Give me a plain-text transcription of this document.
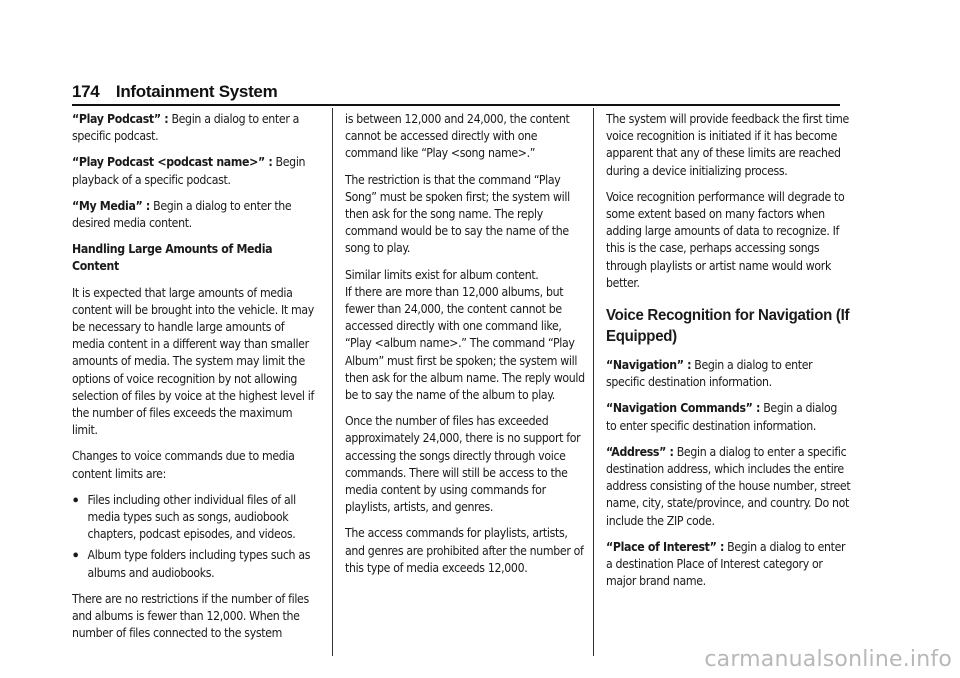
174 Infotainment System

“Play Podcast” : Begin a dialog to enter a specific podcast.

“Play Podcast <podcast name>” : Begin playback of a specific podcast.

“My Media” : Begin a dialog to enter the desired media content.

Handling Large Amounts of Media Content

It is expected that large amounts of media content will be brought into the vehicle. It may be necessary to handle large amounts of media content in a different way than smaller amounts of media. The system may limit the options of voice recognition by not allowing selection of files by voice at the highest level if the number of files exceeds the maximum limit.

Changes to voice commands due to media content limits are:

⦁ Files including other individual files of all media types such as songs, audiobook chapters, podcast episodes, and videos.
⦁ Album type folders including types such as albums and audiobooks.

There are no restrictions if the number of files and albums is fewer than 12,000. When the number of files connected to the system

is between 12,000 and 24,000, the content cannot be accessed directly with one command like “Play <song name>.”

The restriction is that the command “Play Song” must be spoken first; the system will then ask for the song name. The reply command would be to say the name of the song to play.

Similar limits exist for album content.

If there are more than 12,000 albums, but fewer than 24,000, the content cannot be accessed directly with one command like, “Play <album name>.” The command “Play Album” must first be spoken; the system will then ask for the album name. The reply would be to say the name of the album to play.

Once the number of files has exceeded approximately 24,000, there is no support for accessing the songs directly through voice commands. There will still be access to the media content by using commands for playlists, artists, and genres.

The access commands for playlists, artists, and genres are prohibited after the number of this type of media exceeds 12,000.

The system will provide feedback the first time voice recognition is initiated if it has become apparent that any of these limits are reached during a device initializing process.

Voice recognition performance will degrade to some extent based on many factors when adding large amounts of data to recognize. If this is the case, perhaps accessing songs through playlists or artist name would work better.

Voice Recognition for Navigation (If Equipped)

“Navigation” : Begin a dialog to enter specific destination information.

“Navigation Commands” : Begin a dialog to enter specific destination information.

“Address” : Begin a dialog to enter a specific destination address, which includes the entire address consisting of the house number, street name, city, state/province, and country. Do not include the ZIP code.

“Place of Interest” : Begin a dialog to enter a destination Place of Interest category or major brand name.

carmanualsonline.info
